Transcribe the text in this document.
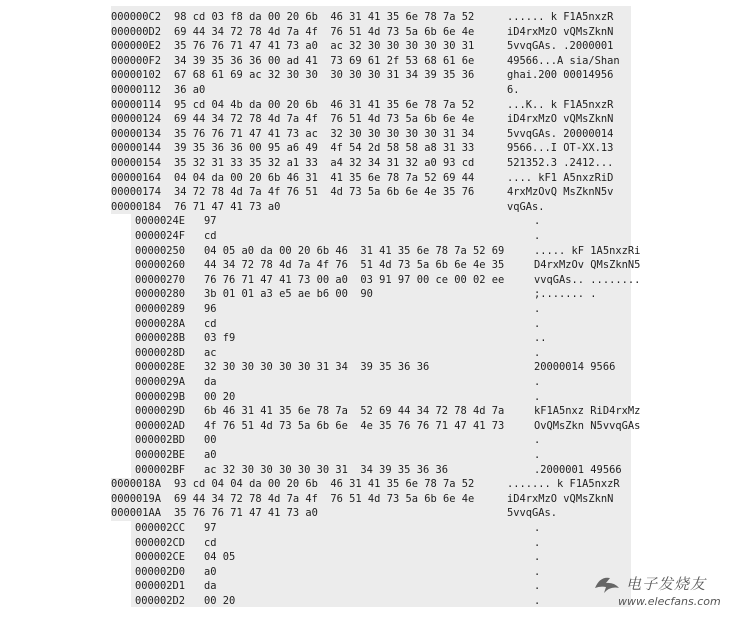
000000C2 98 cd 03 f8 da 00 20 6b  46 31 41 35 6e 78 7a 52	...... k F1A5nxzR
000000D2 69 44 34 72 78 4d 7a 4f  76 51 4d 73 5a 6b 6e 4e	iD4rxMzO vQMsZknN
000000E2 35 76 76 71 47 41 73 a0  ac 32 30 30 30 30 30 31	5vvqGAs. .2000001
000000F2 34 39 35 36 36 00 ad 41  73 69 61 2f 53 68 61 6e	49566...A sia/Shan
00000102 67 68 61 69 ac 32 30 30  30 30 30 31 34 39 35 36	ghai.200 00014956
00000112 36 a0	6.
00000114 95 cd 04 4b da 00 20 6b  46 31 41 35 6e 78 7a 52	...K.. k F1A5nxzR
00000124 69 44 34 72 78 4d 7a 4f  76 51 4d 73 5a 6b 6e 4e	iD4rxMzO vQMsZknN
00000134 35 76 76 71 47 41 73 ac  32 30 30 30 30 30 31 34	5vvqGAs. 20000014
00000144 39 35 36 36 00 95 a6 49  4f 54 2d 58 58 a8 31 33	9566...I OT-XX.13
00000154 35 32 31 33 35 32 a1 33  a4 32 34 31 32 a0 93 cd	521352.3 .2412...
00000164 04 04 da 00 20 6b 46 31  41 35 6e 78 7a 52 69 44	.... kF1 A5nxzRiD
00000174 34 72 78 4d 7a 4f 76 51  4d 73 5a 6b 6e 4e 35 76	4rxMzOvQ MsZknN5v
00000184 76 71 47 41 73 a0	vqGAs.
0000024E 97	.
0000024F cd	.
00000250 04 05 a0 da 00 20 6b 46  31 41 35 6e 78 7a 52 69	..... kF 1A5nxzRi
00000260 44 34 72 78 4d 7a 4f 76  51 4d 73 5a 6b 6e 4e 35	D4rxMzOv QMsZknN5
00000270 76 76 71 47 41 73 00 a0  03 91 97 00 ce 00 02 ee	vvqGAs.. ........
00000280 3b 01 01 a3 e5 ae b6 00  90	;....... .
00000289 96	.
0000028A cd	.
0000028B 03 f9	..
0000028D ac	.
0000028E 32 30 30 30 30 30 31 34  39 35 36 36	20000014 9566
0000029A da	.
0000029B 00 20	.
0000029D 6b 46 31 41 35 6e 78 7a  52 69 44 34 72 78 4d 7a	kF1A5nxz RiD4rxMz
000002AD 4f 76 51 4d 73 5a 6b 6e  4e 35 76 76 71 47 41 73	OvQMsZkn N5vvqGAs
000002BD 00	.
000002BE a0	.
000002BF ac 32 30 30 30 30 30 31  34 39 35 36 36	.2000001 49566
0000018A 93 cd 04 04 da 00 20 6b  46 31 41 35 6e 78 7a 52	....... k F1A5nxzR
0000019A 69 44 34 72 78 4d 7a 4f  76 51 4d 73 5a 6b 6e 4e	iD4rxMzO vQMsZknN
000001AA 35 76 76 71 47 41 73 a0	5vvqGAs.
000002CC 97	.
000002CD cd	.
000002CE 04 05	.
000002D0 a0	.
000002D1 da	.
000002D2 00 20	.
电子发烧友
www.elecfans.com
